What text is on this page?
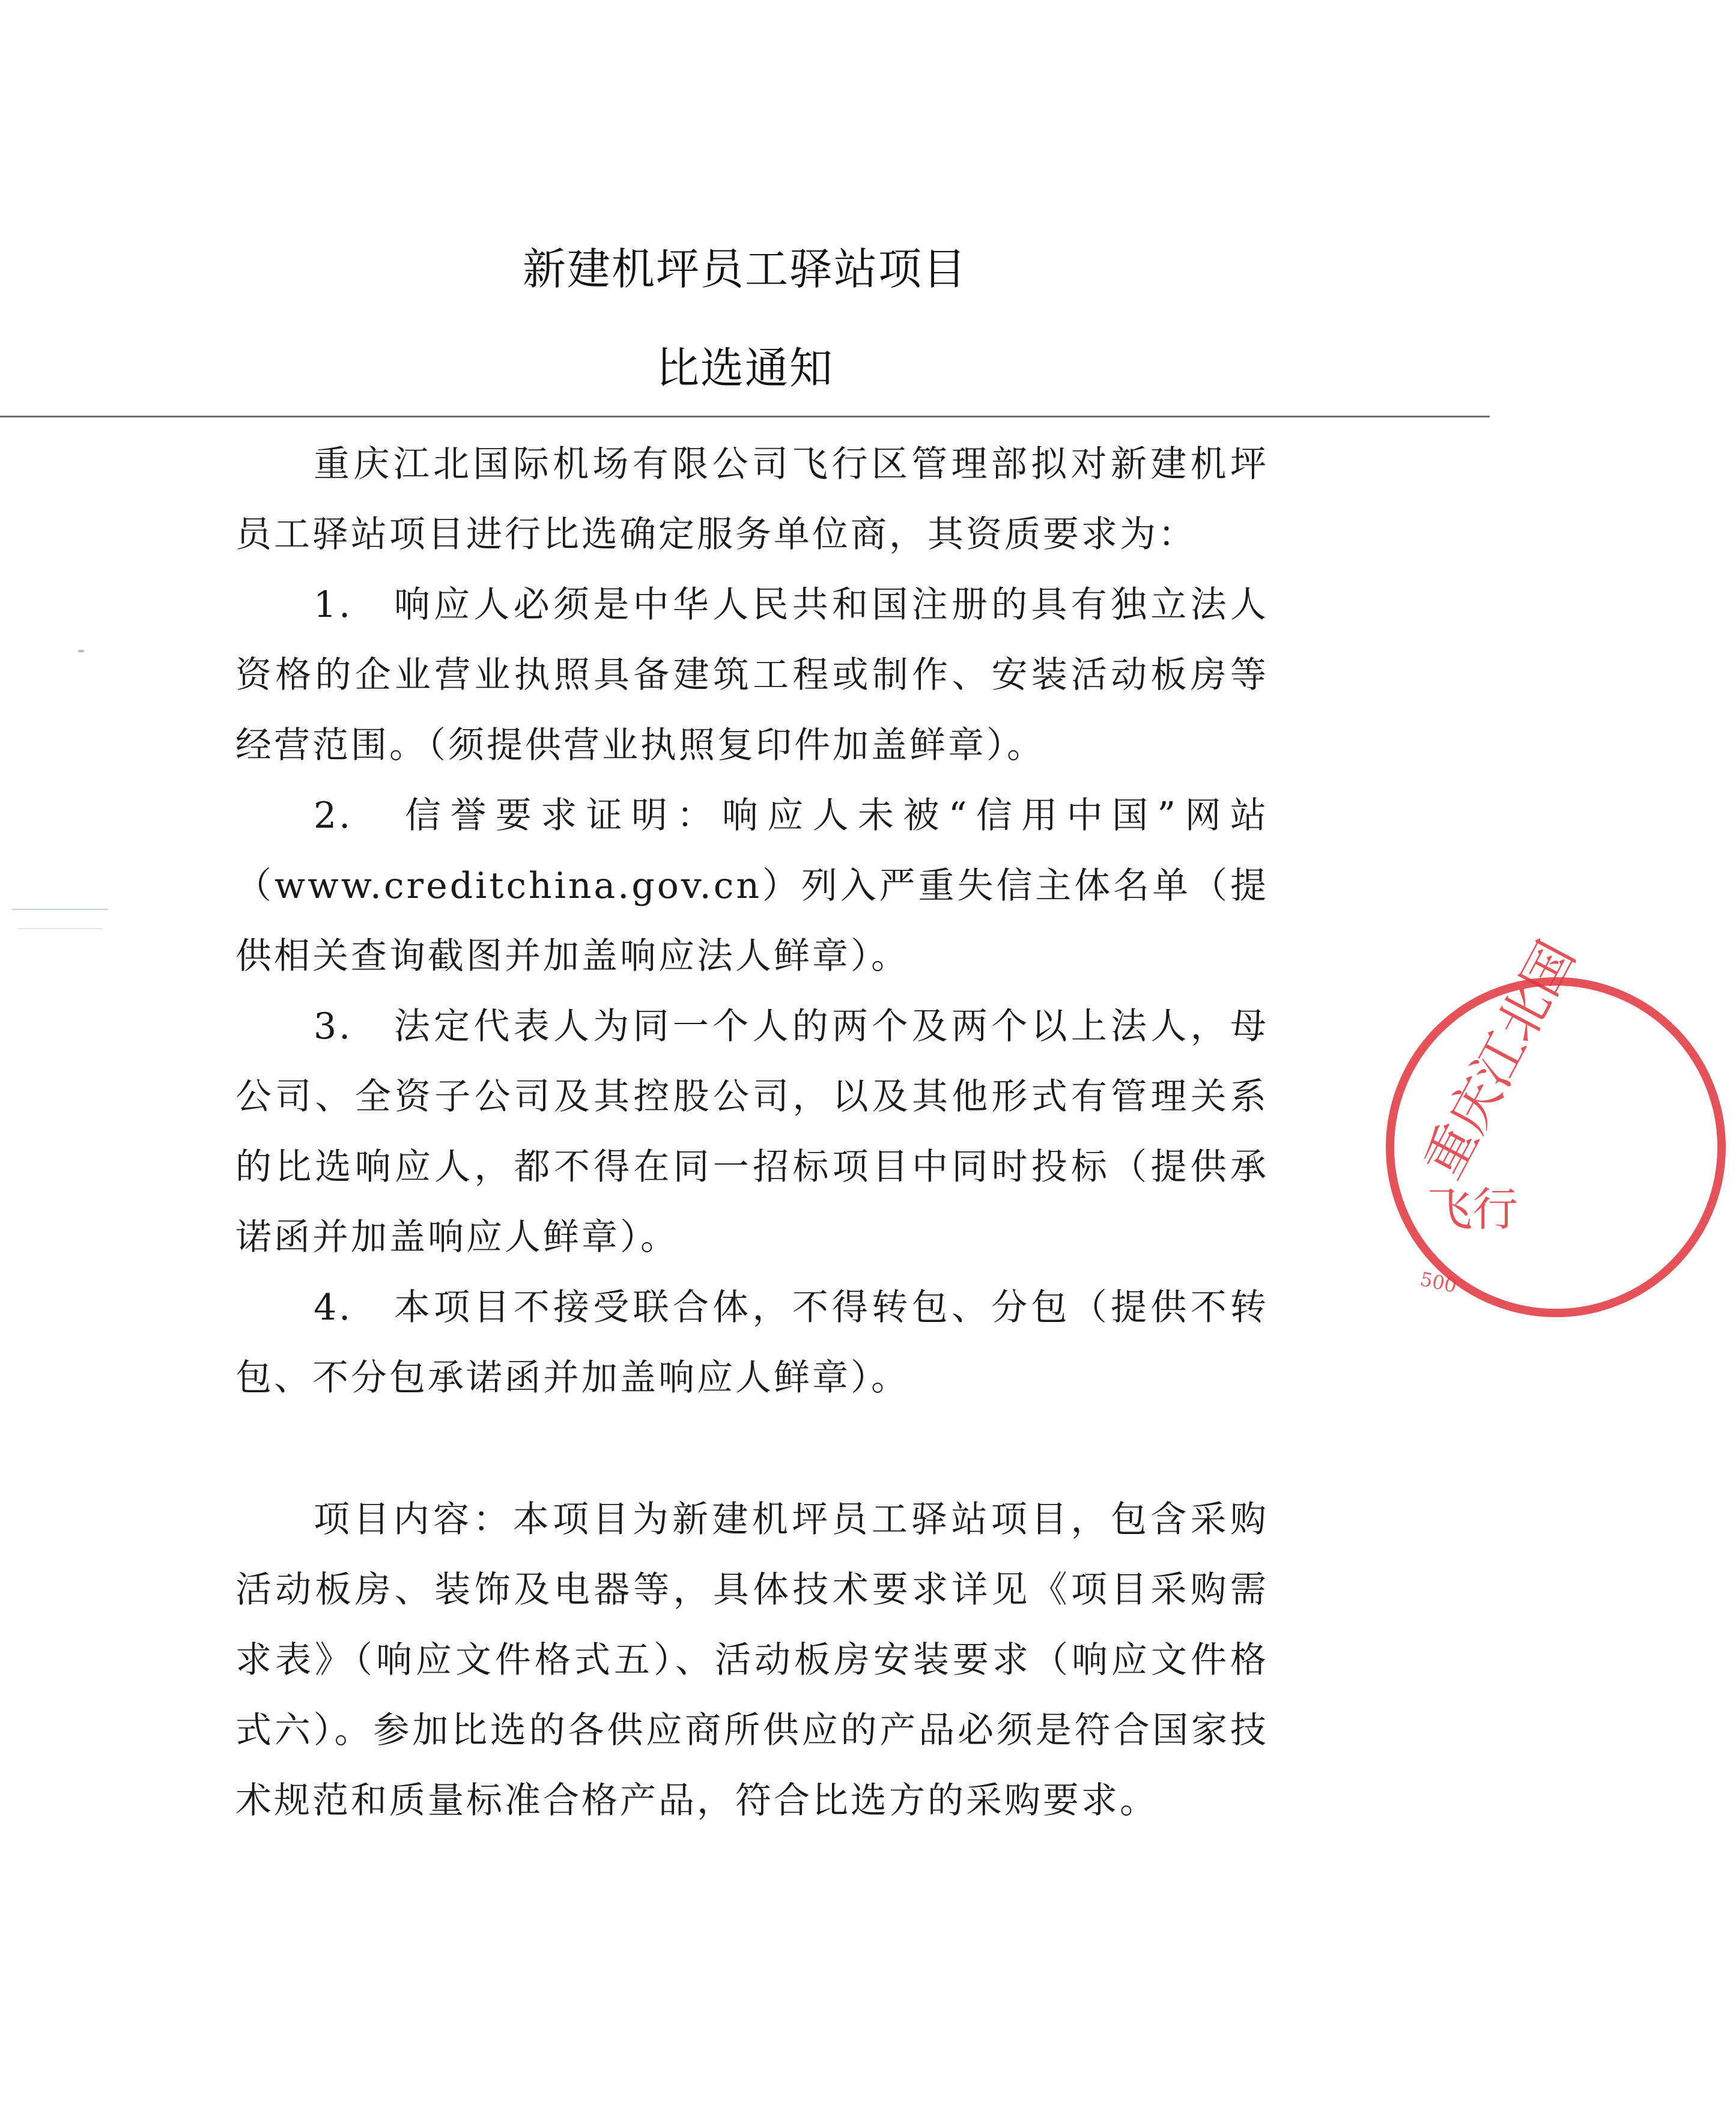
新建机坪员工驿站项目
比选通知

重庆江北国际机场有限公司飞行区管理部拟对新建机坪员工驿站项目进行比选确定服务单位商，其资质要求为：

1.　响应人必须是中华人民共和国注册的具有独立法人资格的企业营业执照具备建筑工程或制作、安装活动板房等经营范围。（须提供营业执照复印件加盖鲜章）。

2.　信誉要求证明：响应人未被“信用中国”网站（www.creditchina.gov.cn）列入严重失信主体名单（提供相关查询截图并加盖响应法人鲜章）。

3.　法定代表人为同一个人的两个及两个以上法人，母公司、全资子公司及其控股公司，以及其他形式有管理关系的比选响应人，都不得在同一招标项目中同时投标（提供承诺函并加盖响应人鲜章）。

4.　本项目不接受联合体，不得转包、分包（提供不转包、不分包承诺函并加盖响应人鲜章）。

项目内容：本项目为新建机坪员工驿站项目，包含采购活动板房、装饰及电器等，具体技术要求详见《项目采购需求表》（响应文件格式五）、活动板房安装要求（响应文件格式六）。参加比选的各供应商所供应的产品必须是符合国家技术规范和质量标准合格产品，符合比选方的采购要求。

重庆江北国
飞行
500
